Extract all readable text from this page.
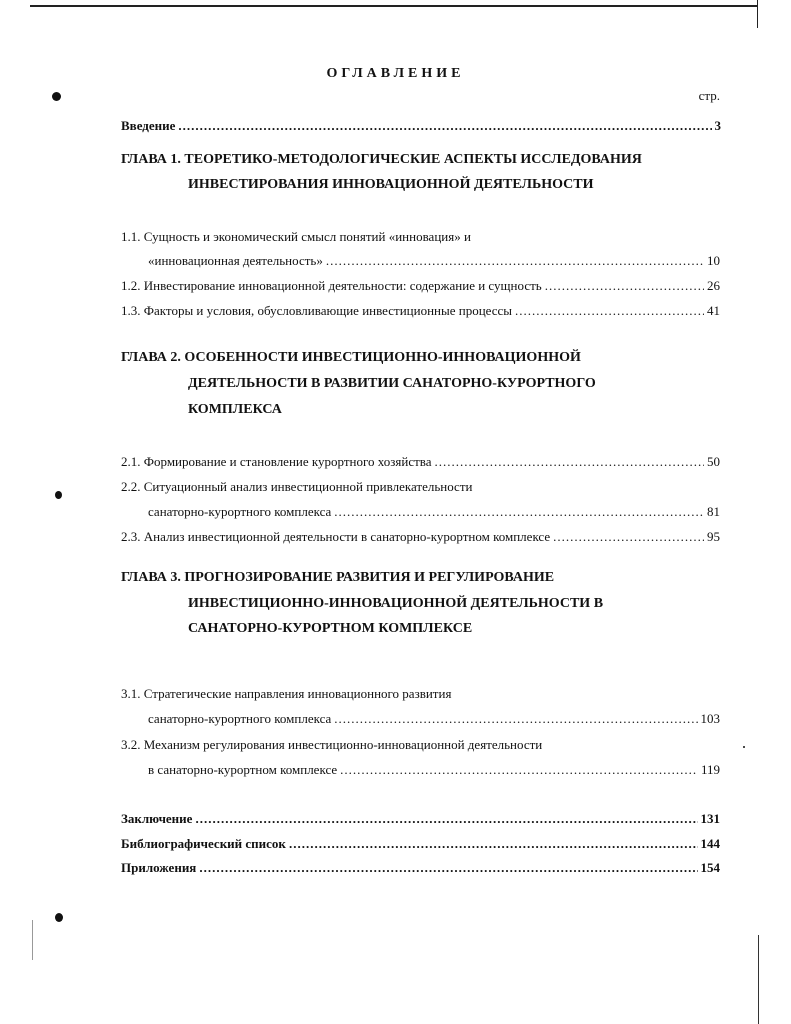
ОГЛАВЛЕНИЕ
стр.
Введение .....	3
ГЛАВА 1. ТЕОРЕТИКО-МЕТОДОЛОГИЧЕСКИЕ АСПЕКТЫ ИССЛЕДОВАНИЯ
ИНВЕСТИРОВАНИЯ ИННОВАЦИОННОЙ ДЕЯТЕЛЬНОСТИ
1.1. Сущность и экономический смысл понятий «инновация» и
«инновационная деятельность» .....	10
1.2. Инвестирование инновационной деятельности: содержание и сущность .....	26
1.3. Факторы и условия, обусловливающие инвестиционные процессы .....	41
ГЛАВА 2. ОСОБЕННОСТИ ИНВЕСТИЦИОННО-ИННОВАЦИОННОЙ
ДЕЯТЕЛЬНОСТИ В РАЗВИТИИ САНАТОРНО-КУРОРТНОГО
КОМПЛЕКСА
2.1. Формирование и становление курортного хозяйства .....	50
2.2. Ситуационный анализ инвестиционной привлекательности
санаторно-курортного комплекса .....	81
2.3. Анализ инвестиционной деятельности в санаторно-курортном комплексе .....	95
ГЛАВА 3. ПРОГНОЗИРОВАНИЕ РАЗВИТИЯ И РЕГУЛИРОВАНИЕ
ИНВЕСТИЦИОННО-ИННОВАЦИОННОЙ ДЕЯТЕЛЬНОСТИ В
САНАТОРНО-КУРОРТНОМ КОМПЛЕКСЕ
3.1. Стратегические направления инновационного развития
санаторно-курортного комплекса .....	103
3.2. Механизм регулирования инвестиционно-инновационной деятельности
в санаторно-курортном комплексе .....	119
Заключение .....	131
Библиографический список .....	144
Приложения .....	154
